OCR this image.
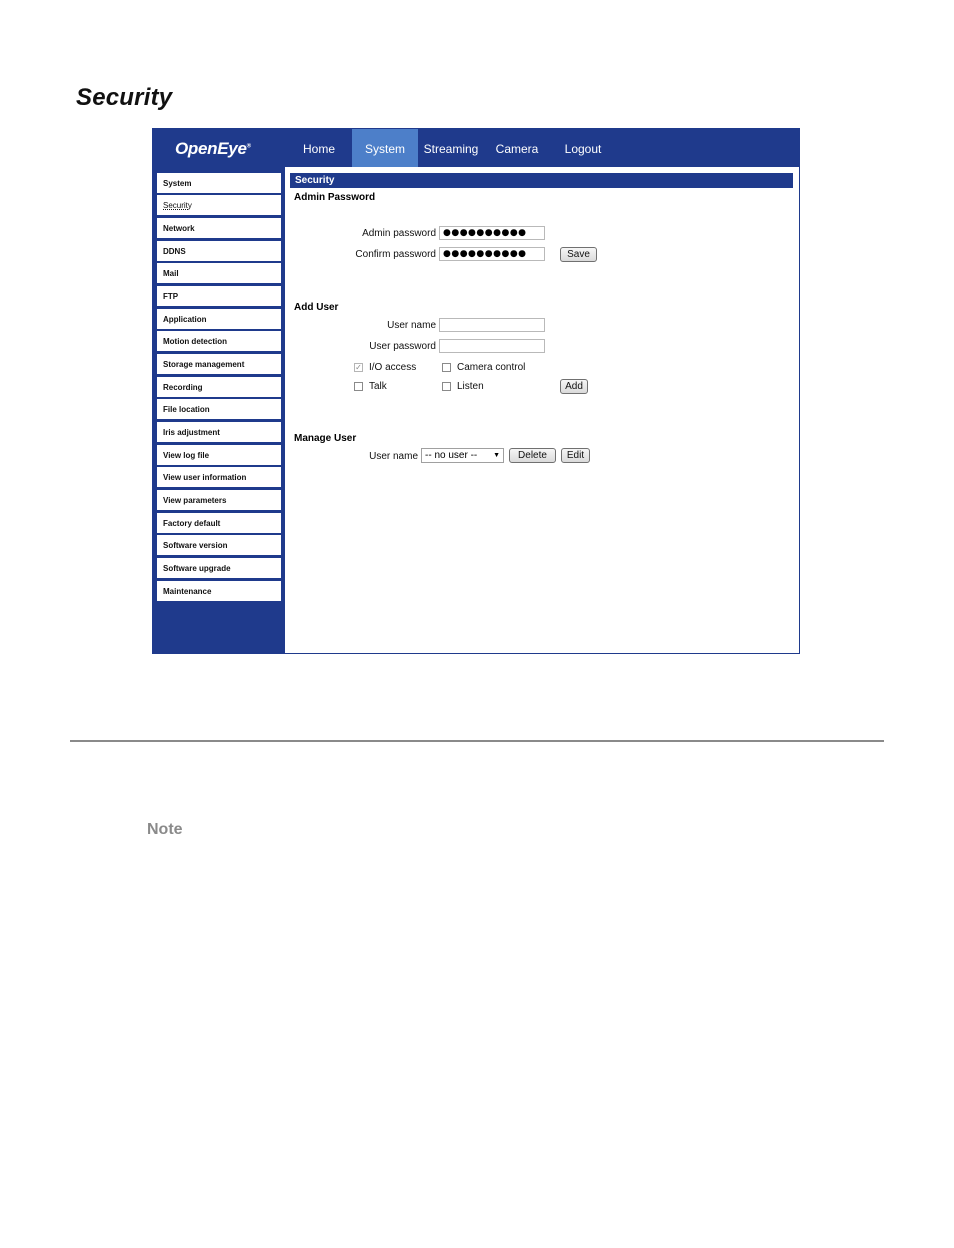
Security
OpenEye®	Home	System	Streaming	Camera	Logout
System
Security
Network
DDNS
Mail
FTP
Application
Motion detection
Storage management
Recording
File location
Iris adjustment
View log file
View user information
View parameters
Factory default
Software version
Software upgrade
Maintenance
Security
Admin Password
Admin password ●●●●●●●●●●
Confirm password ●●●●●●●●●●	Save
Add User
User name
User password
✓ I/O access	Camera control
Talk	Listen	Add
Manage User
User name -- no user -- ▼	Delete	Edit
Note
